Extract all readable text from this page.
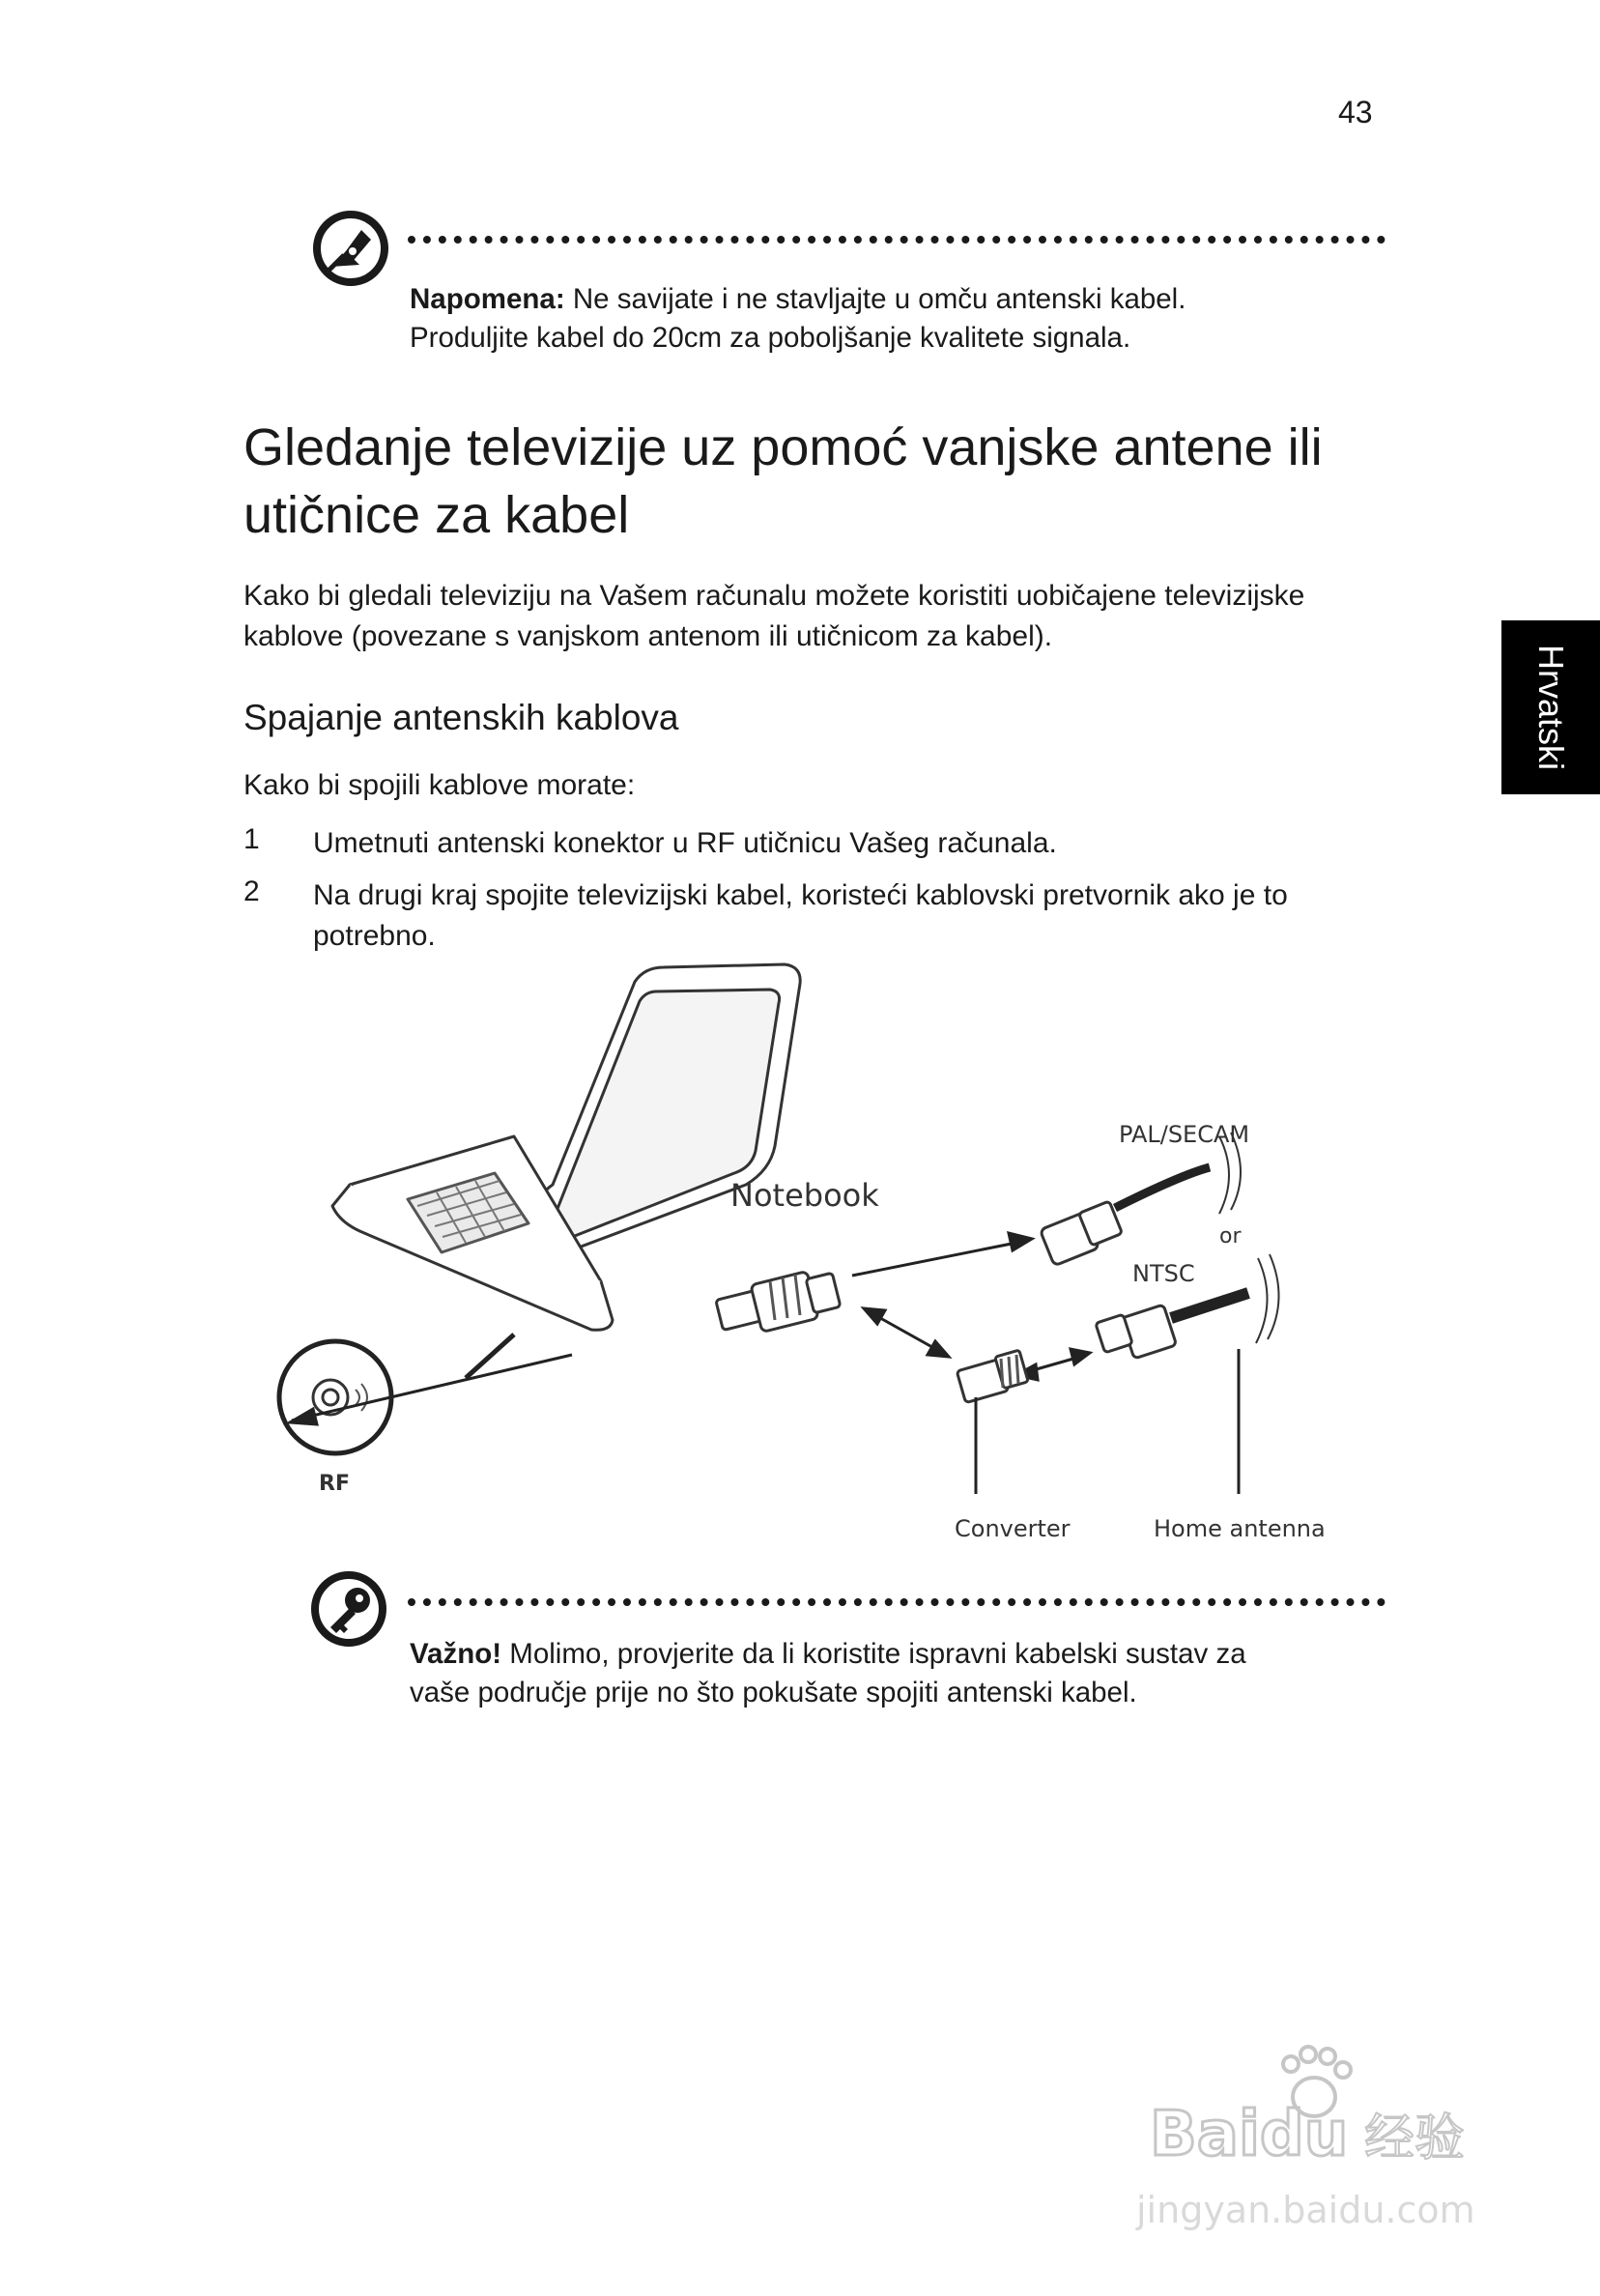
43
Napomena: Ne savijate i ne stavljajte u omču antenski kabel.
Produljite kabel do 20cm za poboljšanje kvalitete signala.
Gledanje televizije uz pomoć vanjske antene ili
utičnice za kabel
Kako bi gledali televiziju na Vašem računalu možete koristiti uobičajene televizijske
kablove (povezane s vanjskom antenom ili utičnicom za kabel).
Spajanje antenskih kablova
Kako bi spojili kablove morate:
1 Umetnuti antenski konektor u RF utičnicu Vašeg računala.
2 Na drugi kraj spojite televizijski kabel, koristeći kablovski pretvornik ako je to
potrebno.
Hrvatski
RF
Notebook
PAL/SECAM
or
NTSC
Converter	Home antenna
Važno! Molimo, provjerite da li koristite ispravni kabelski sustav za
vaše područje prije no što pokušate spojiti antenski kabel.
Baidu 经验
jingyan.baidu.com
